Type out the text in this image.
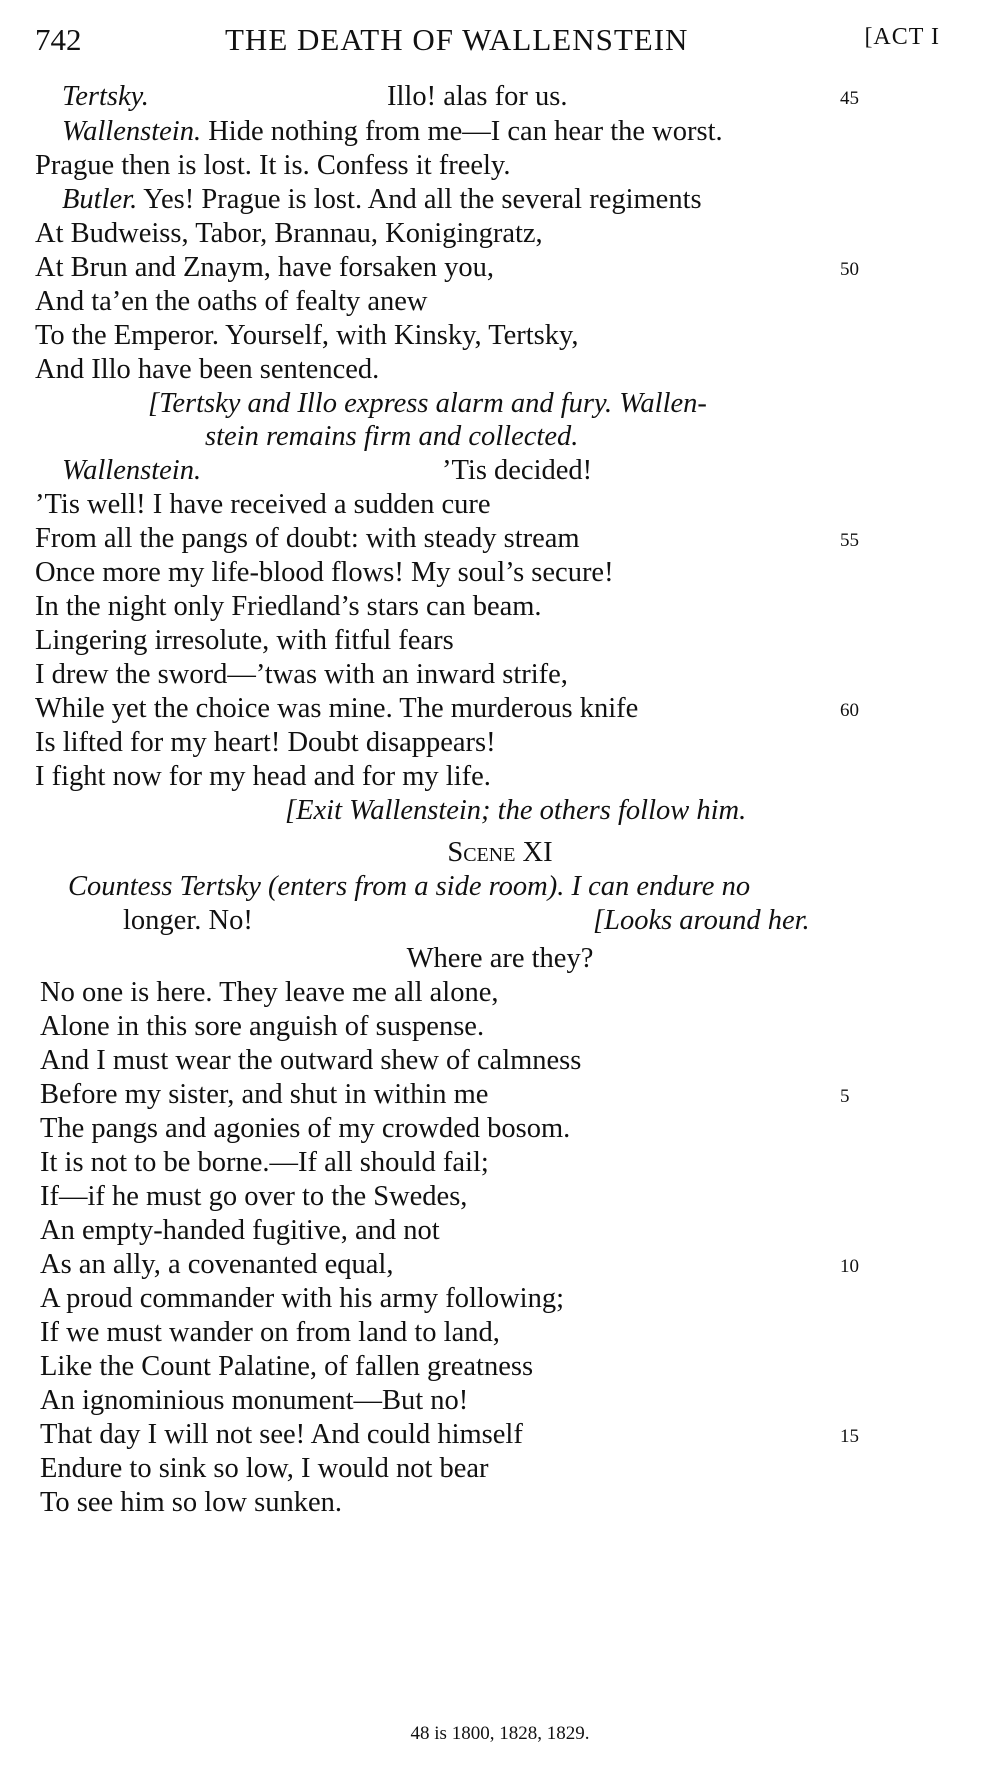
742	THE DEATH OF WALLENSTEIN	[ACT I
Tertsky.	Illo! alas for us.	45
Wallenstein. Hide nothing from me—I can hear the worst.
Prague then is lost. It is. Confess it freely.
Butler. Yes! Prague is lost. And all the several regiments
At Budweiss, Tabor, Brannau, Konigingratz,
At Brun and Znaym, have forsaken you,	50
And ta’en the oaths of fealty anew
To the Emperor. Yourself, with Kinsky, Tertsky,
And Illo have been sentenced.
[Tertsky and Illo express alarm and fury. Wallen-
stein remains firm and collected.
Wallenstein.	’Tis decided!
’Tis well! I have received a sudden cure
From all the pangs of doubt: with steady stream	55
Once more my life-blood flows! My soul’s secure!
In the night only Friedland’s stars can beam.
Lingering irresolute, with fitful fears
I drew the sword—’twas with an inward strife,
While yet the choice was mine. The murderous knife	60
Is lifted for my heart! Doubt disappears!
I fight now for my head and for my life.
[Exit Wallenstein; the others follow him.
Scene XI
Countess Tertsky (enters from a side room). I can endure no
longer. No!	[Looks around her.
Where are they?
No one is here. They leave me all alone,
Alone in this sore anguish of suspense.
And I must wear the outward shew of calmness
Before my sister, and shut in within me	5
The pangs and agonies of my crowded bosom.
It is not to be borne.—If all should fail;
If—if he must go over to the Swedes,
An empty-handed fugitive, and not
As an ally, a covenanted equal,	10
A proud commander with his army following;
If we must wander on from land to land,
Like the Count Palatine, of fallen greatness
An ignominious monument—But no!
That day I will not see! And could himself	15
Endure to sink so low, I would not bear
To see him so low sunken.
48 is 1800, 1828, 1829.
